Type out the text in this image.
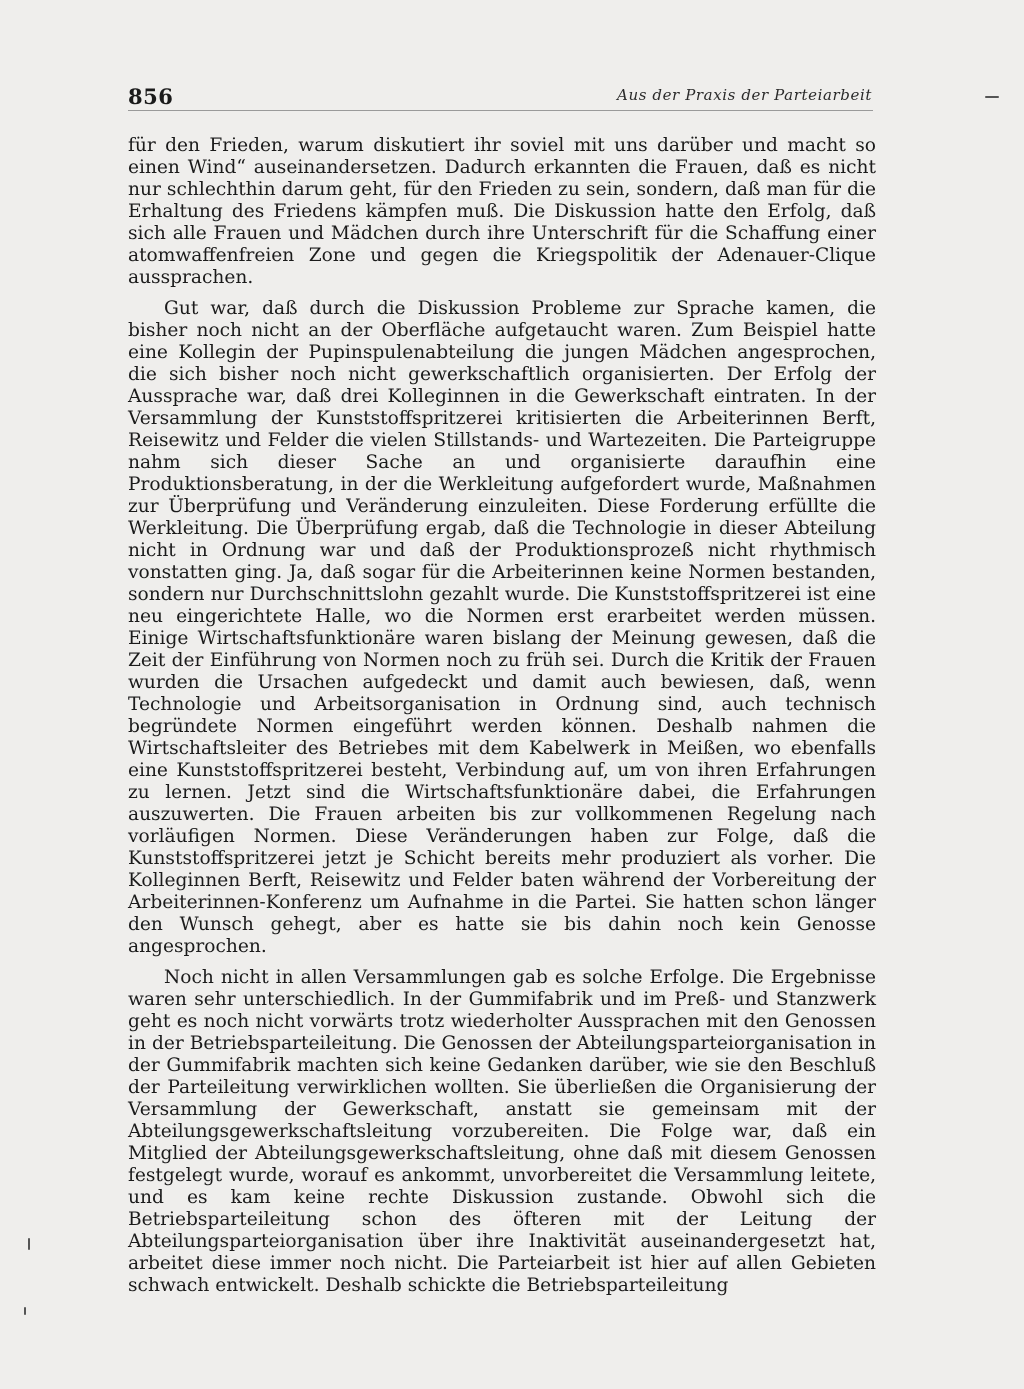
856	Aus der Praxis der Parteiarbeit

für den Frieden, warum diskutiert ihr soviel mit uns darüber und macht so einen Wind“ auseinandersetzen. Dadurch erkannten die Frauen, daß es nicht nur schlechthin darum geht, für den Frieden zu sein, sondern, daß man für die Erhaltung des Friedens kämpfen muß. Die Diskussion hatte den Erfolg, daß sich alle Frauen und Mädchen durch ihre Unterschrift für die Schaffung einer atomwaffenfreien Zone und gegen die Kriegspolitik der Adenauer-Clique aussprachen.

Gut war, daß durch die Diskussion Probleme zur Sprache kamen, die bisher noch nicht an der Oberfläche aufgetaucht waren. Zum Beispiel hatte eine Kollegin der Pupinspulenabteilung die jungen Mädchen angesprochen, die sich bisher noch nicht gewerkschaftlich organisierten. Der Erfolg der Aussprache war, daß drei Kolleginnen in die Gewerkschaft eintraten. In der Versammlung der Kunststoffspritzerei kritisierten die Arbeiterinnen Berft, Reisewitz und Felder die vielen Stillstands- und Wartezeiten. Die Parteigruppe nahm sich dieser Sache an und organisierte daraufhin eine Produktionsberatung, in der die Werkleitung aufgefordert wurde, Maßnahmen zur Überprüfung und Veränderung einzuleiten. Diese Forderung erfüllte die Werkleitung. Die Überprüfung ergab, daß die Technologie in dieser Abteilung nicht in Ordnung war und daß der Produktionsprozeß nicht rhythmisch vonstatten ging. Ja, daß sogar für die Arbeiterinnen keine Normen bestanden, sondern nur Durchschnittslohn gezahlt wurde. Die Kunststoffspritzerei ist eine neu eingerichtete Halle, wo die Normen erst erarbeitet werden müssen. Einige Wirtschaftsfunktionäre waren bislang der Meinung gewesen, daß die Zeit der Einführung von Normen noch zu früh sei. Durch die Kritik der Frauen wurden die Ursachen aufgedeckt und damit auch bewiesen, daß, wenn Technologie und Arbeitsorganisation in Ordnung sind, auch technisch begründete Normen eingeführt werden können. Deshalb nahmen die Wirtschaftsleiter des Betriebes mit dem Kabelwerk in Meißen, wo ebenfalls eine Kunststoffspritzerei besteht, Verbindung auf, um von ihren Erfahrungen zu lernen. Jetzt sind die Wirtschaftsfunktionäre dabei, die Erfahrungen auszuwerten. Die Frauen arbeiten bis zur vollkommenen Regelung nach vorläufigen Normen. Diese Veränderungen haben zur Folge, daß die Kunststoffspritzerei jetzt je Schicht bereits mehr produziert als vorher. Die Kolleginnen Berft, Reisewitz und Felder baten während der Vorbereitung der Arbeiterinnen-Konferenz um Aufnahme in die Partei. Sie hatten schon länger den Wunsch gehegt, aber es hatte sie bis dahin noch kein Genosse angesprochen.

Noch nicht in allen Versammlungen gab es solche Erfolge. Die Ergebnisse waren sehr unterschiedlich. In der Gummifabrik und im Preß- und Stanzwerk geht es noch nicht vorwärts trotz wiederholter Aussprachen mit den Genossen in der Betriebsparteileitung. Die Genossen der Abteilungsparteiorganisation in der Gummifabrik machten sich keine Gedanken darüber, wie sie den Beschluß der Parteileitung verwirklichen wollten. Sie überließen die Organisierung der Versammlung der Gewerkschaft, anstatt sie gemeinsam mit der Abteilungsgewerkschaftsleitung vorzubereiten. Die Folge war, daß ein Mitglied der Abteilungsgewerkschaftsleitung, ohne daß mit diesem Genossen festgelegt wurde, worauf es ankommt, unvorbereitet die Versammlung leitete, und es kam keine rechte Diskussion zustande. Obwohl sich die Betriebsparteileitung schon des öfteren mit der Leitung der Abteilungsparteiorganisation über ihre Inaktivität auseinandergesetzt hat, arbeitet diese immer noch nicht. Die Parteiarbeit ist hier auf allen Gebieten schwach entwickelt. Deshalb schickte die Betriebsparteileitung
